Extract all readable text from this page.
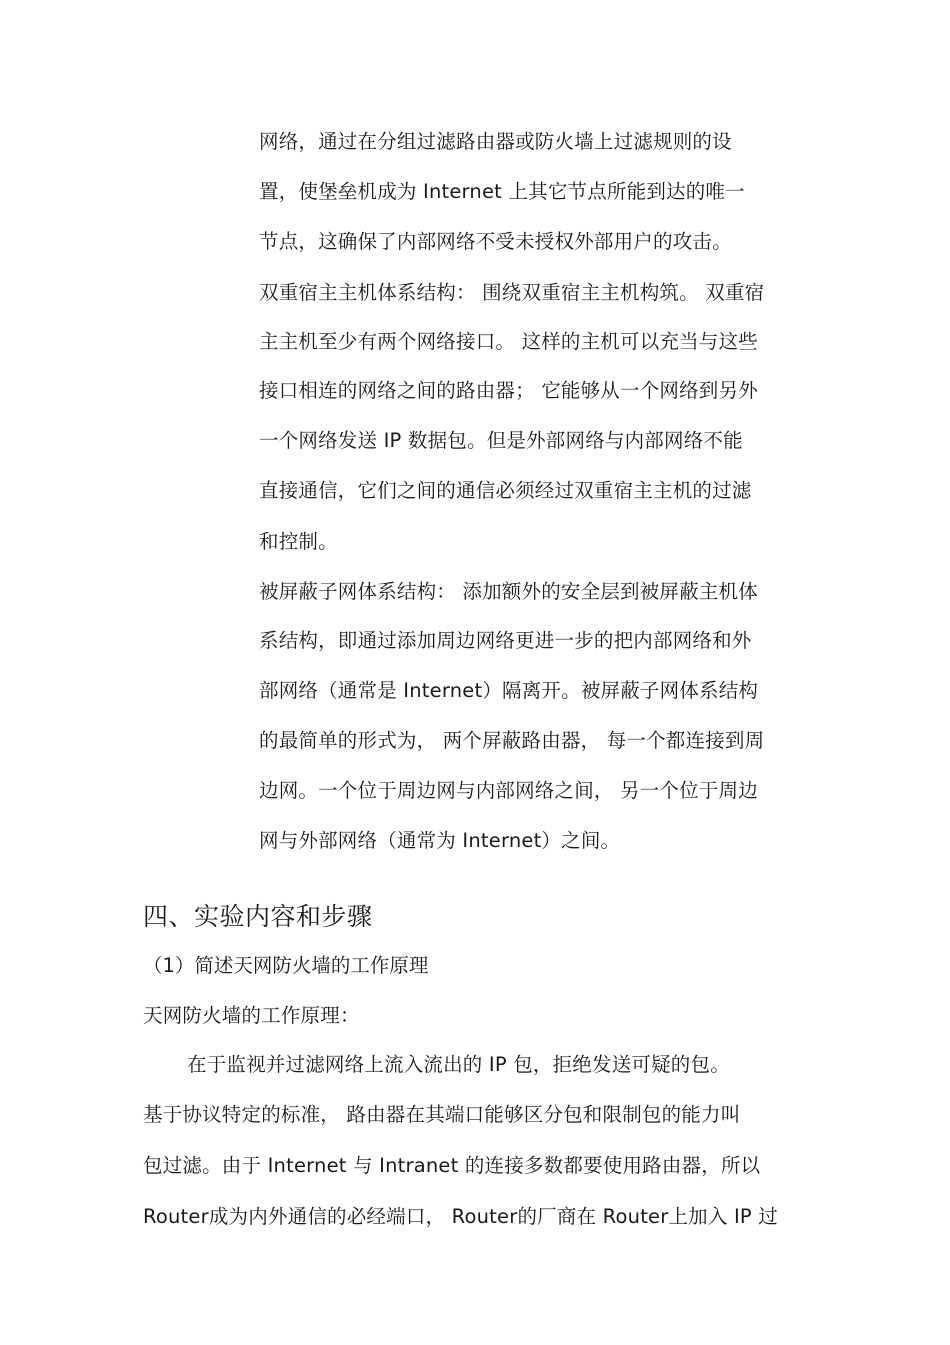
网络，通过在分组过滤路由器或防火墙上过滤规则的设
置，使堡垒机成为 Internet 上其它节点所能到达的唯一
节点，这确保了内部网络不受未授权外部用户的攻击。
双重宿主主机体系结构： 围绕双重宿主主机构筑。 双重宿
主主机至少有两个网络接口。 这样的主机可以充当与这些
接口相连的网络之间的路由器； 它能够从一个网络到另外
一个网络发送 IP 数据包。但是外部网络与内部网络不能
直接通信，它们之间的通信必须经过双重宿主主机的过滤
和控制。
被屏蔽子网体系结构： 添加额外的安全层到被屏蔽主机体
系结构，即通过添加周边网络更进一步的把内部网络和外
部网络（通常是 Internet）隔离开。被屏蔽子网体系结构
的最简单的形式为， 两个屏蔽路由器， 每一个都连接到周
边网。一个位于周边网与内部网络之间， 另一个位于周边
网与外部网络（通常为 Internet）之间。
四、实验内容和步骤
（1）简述天网防火墙的工作原理
天网防火墙的工作原理：
在于监视并过滤网络上流入流出的 IP 包，拒绝发送可疑的包。
基于协议特定的标准， 路由器在其端口能够区分包和限制包的能力叫
包过滤。由于 Internet 与 Intranet 的连接多数都要使用路由器，所以
Router成为内外通信的必经端口， Router的厂商在 Router上加入 IP 过
